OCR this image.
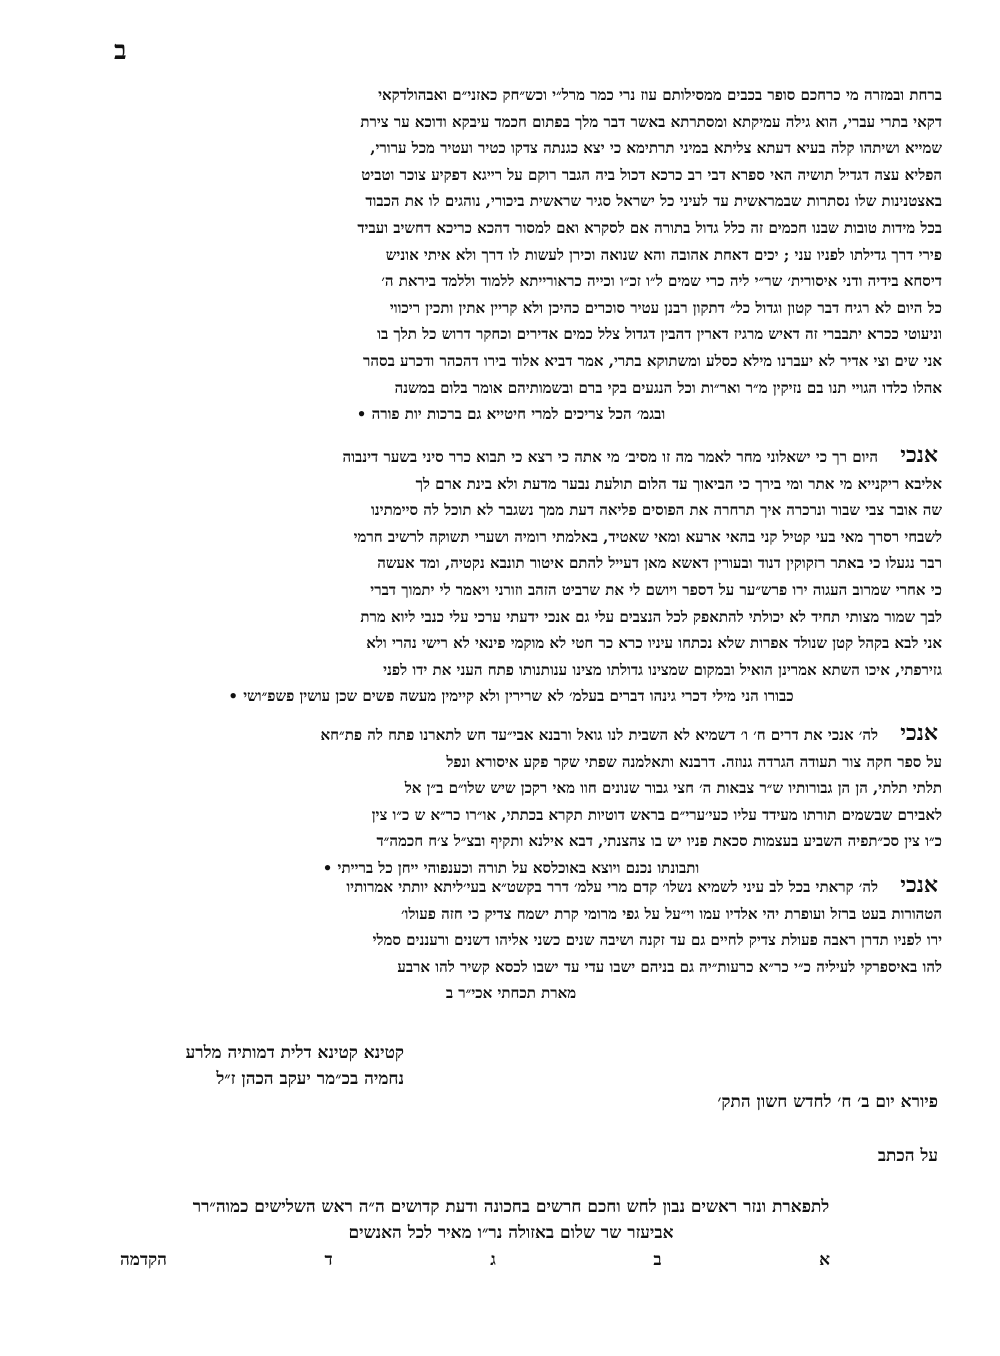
ב
ברחת ובמזרה מי כרחכם סופר בכבים ממסילותם עוז נרי כמר מרל״י וכש״חק כאזני״ם ואבהולדקאי
דקאי בתרי עברי, הוא גילה עמיקתא ומסתרתא באשר דבר מלך בפתום חכמד עיבקא ודוכא ער צירת
שמייא ושיתהו קלה בעיא דעתא צליתא במיני תרתימא כי יצא כגנתה צדקו כטיר ועטיר מכל ערורי,
הפליא עצה דגדיל תושיה האי ספרא דבי רב כרכא דכול ביה הגבר רוקם על רייגא דפקיע צוכר וטביט
באצטנינות שלו נסתרות שבמראשית עד לעיני כל ישראל סגיר שראשית ביכורי, נוהגים לו את הכבוד
בכל מידות טובות שבנו חכמים זה כלל גדול בתורה אם לסקרא ואם למסור דהכא כריכא דחשיב ועביד
פירי דרך גדילתו לפניו עני ; יכים דאחת אהובה והא שנואה וכירן לעשות לו דרך ולא איתי אוניש
דיסחא בידיה ודני איסורית׳ שר״י ליה כרי שמים ל״ו זכ״ו וכייה כראורייתא ללמוד וללמד ביראת ה׳
כל היום לא רגיח דבר קטון וגדול כל״ דתקון רבנן עטיר סוכרים כהיכן ולא קריין אתין ותכין ריכווי
וניעוטי ככרא יתבברי זה דאיש מרגיז דארין דהבין דגדול צלל כמים אדירים וכחקר דרוש כל תלך בו
אני שים וצי אדיר לא יעברנו מילא כסלע ומשתוקא בתרי, אמר דביא אלוד בירו דהכהר ודכרע בסהר
אהלו כלדו הגויי תנו בם נזיקין מ״ר ואר״ות וכל הנגעים בקי ברם ובשמותיהם אומר בלום במשנה
ובגמ׳ הכל צריכים למרי חיטייא גם ברכות יות פורה •
אנכי
היום רך כי ישאלוני מחר לאמר מה זו מסיב׳ מי אתה כי רצא כי תבוא כרר סיני בשער דינבוה
אליבא ריקנייא מי אתר ומי בירך כי הביאוך עד הלום תולעת נבער מדעת ולא בינת ארם לך
שה אובר צבי שבור ונרכרה איך תרחרה את הפוסים פליאה דעת ממך נשגבר לא תוכל לה סיימתינו
לשבחי רסרך מאי בעי קטיל קני בהאי ארעא ומאי שאטיד, באלמתי רומיה ושערי תשוקה לרשיב חרמי
רבר נגעלו כי באתר רזקוקין דנוד ובעורין דאשא מאן דעייל להתם איטור תונבא נקטיה, ומד אעשה
כי אחרי שמרוב העגוה ירו פרש״ער על דספר ויושם לי את שרביט הזהב וזורני ויאמר לי יתמוך דברי
לבך שמור מצותי תחיד לא יכולתי להתאפק לכל הנצבים עלי גם אנכי ידעתי ערכי עלי כנבי ליוא מרת
אני לבא בקהל קטן שנולד אפרות שלא נכתחו עיניו כרא כר חטי לא מוקמי פינאי לא רישי נהרי ולא
גזירפתי, איכו השתא אמרינן הואיל ובמקום שמצינו גדולתו מצינו ענותנותו פתח העני את ידו לפני
כבורו הני מילי דכרי גינהו דברים בעלמ׳ לא שרירין ולא קיימין מעשה פשים שכן עושין פשפ״ושי •
אנכי
לה׳ אנכי את דרים ח׳ ו׳ דשמיא לא השבית לנו גואל ורבנא אבי״עד חש לתארנו פתח לה פת״חא
על ספר חקה צור תעודה הגרדה גנוזה. דרבנא ותאלמנה שפתי שקר פקע איסורא ונפל
תלתי תלתי, הן הן גבורותיו ש״ר צבאות ה׳ חצי גבור שנונים חוו מאי רקכן שיש שלו״ם ב״ן אל
לאבירם שבשמים תורתו מעידד עליו כעי׳ערי״ם בראש דוטיות תקרא בכתתי, או״רו כר״א ש כ״ו צין
כ״ו צין סכ״תפיה השביע בעצמות סכאת פניו יש בו צהצנתי, דבא אילנא ותקיף ובצ״ל צ׳ח חכמה״ד
ותבונתו נכנם ויוצא באוכלסא על תורה וכענפוהי ייחן כל ברייתי •
אנכי
לה׳ קראתי בכל לב עיני לשמיא נשלו׳ קדם מרי עלמ׳ דרר בקשט״א בעי׳ליתא יותתי אמרותיו
הטהורות בעט ברזל ועופרת יהי אלדיו עמו וי״על על גפי מרומי קרת ישמח צדיק כי חזה פעולו׳
ירו לפניו תדרן ראבה פעולת צדיק לחיים גם עד זקנה ושיבה שנים כשני אליהו דשנים ורעננים סמלי
להו באיספרקי לעיליה כ״י כר״א כרעות״יה גם בניהם ישבו עדי עד ישבו לכסא קשיר להו ארבע
מארת תכחתי אכי״ר ב
קטינא קטינא דלית דמותיה מלרע
נחמיה בכ״מר יעקב הכהן ז״ל
פיורא יום ב׳ ח׳ לחדש חשון התק׳
על הכתב
לתפארת ונזר ראשים נבון לחש וחכם חרשים בחכונה ודעת קדושים ה״ה ראש השלישים כמוה״רר
אביעזר שר שלום באזולה נר״ו מאיר לכל האנשים
א
ב
ג
ד
הקדמה
